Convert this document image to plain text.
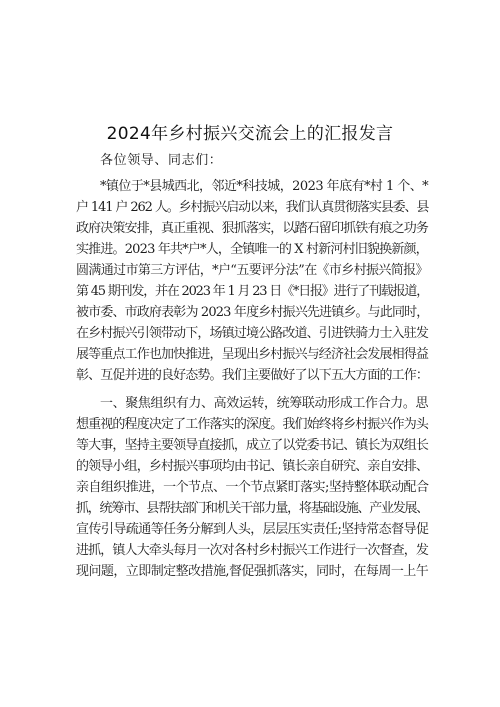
2024年乡村振兴交流会上的汇报发言
各位领导、同志们：
*镇位于*县城西北，邻近*科技城，2023 年底有*村 1 个、*
户 141 户 262 人。乡村振兴启动以来，我们认真贯彻落实县委、县
政府决策安排，真正重视、狠抓落实，以踏石留印抓铁有痕之功务
实推进。2023 年共*户*人，全镇唯一的 X 村新河村旧貌换新颜，
圆满通过市第三方评估，*户“五要评分法”在《市乡村振兴简报》
第 45 期刊发，并在 2023 年 1 月 23 日《*日报》进行了刊载报道，
被市委、市政府表彰为 2023 年度乡村振兴先进镇乡。与此同时，
在乡村振兴引领带动下，场镇过境公路改道、引进铁骑力士入驻发
展等重点工作也加快推进，呈现出乡村振兴与经济社会发展相得益
彰、互促并进的良好态势。我们主要做好了以下五大方面的工作：
一、聚焦组织有力、高效运转，统筹联动形成工作合力。思
想重视的程度决定了工作落实的深度。我们始终将乡村振兴作为头
等大事，坚持主要领导直接抓，成立了以党委书记、镇长为双组长
的领导小组，乡村振兴事项均由书记、镇长亲自研究、亲自安排、
亲自组织推进，一个节点、一个节点紧盯落实;坚持整体联动配合
抓，统筹市、县帮扶部门和机关干部力量，将基础设施、产业发展、
宣传引导疏通等任务分解到人头，层层压实责任;坚持常态督导促
进抓，镇人大牵头每月一次对各村乡村振兴工作进行一次督查，发
现问题，立即制定整改措施,督促强抓落实，同时，在每周一上午
